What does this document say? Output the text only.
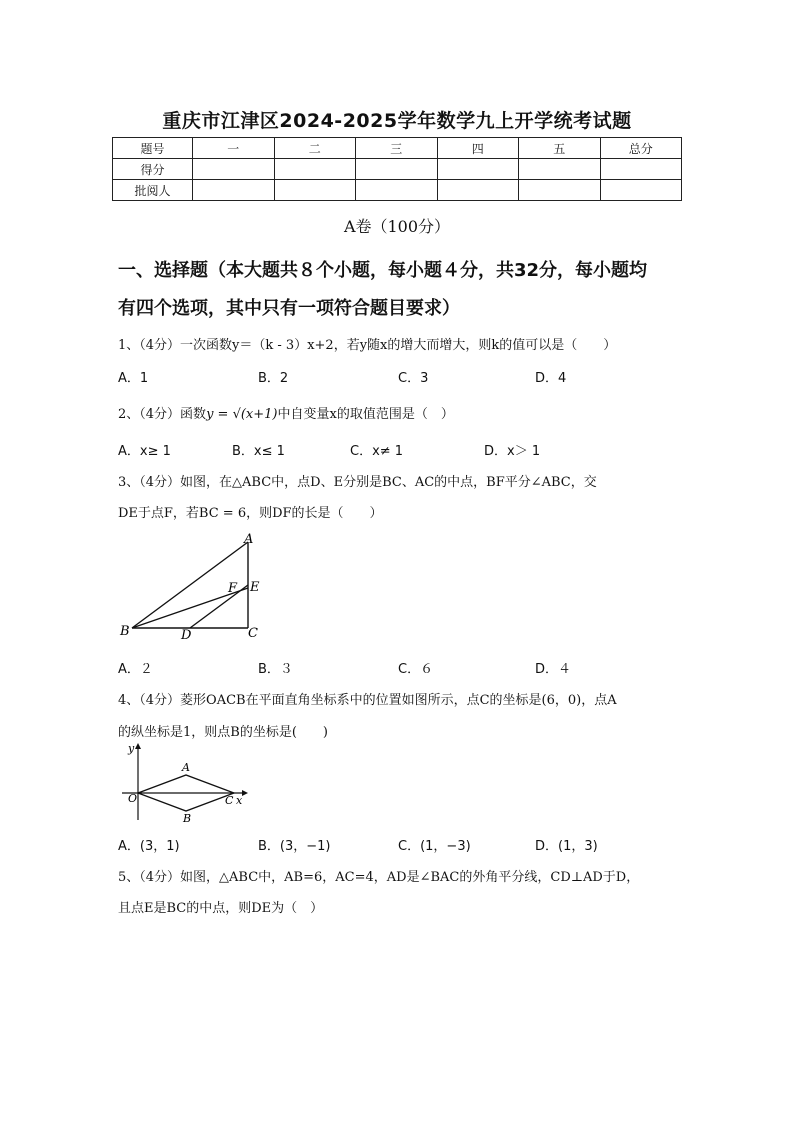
重庆市江津区2024-2025学年数学九上开学统考试题
题号	一	二	三	四	五	总分
得分						
批阅人						
A卷（100分）
一、选择题（本大题共８个小题，每小题４分，共32分，每小题均
有四个选项，其中只有一项符合题目要求）
1、（4分）一次函数y＝（k - 3）x+2，若y随x的增大而增大，则k的值可以是（　　）
A．1	B．2	C．3	D．4
2、（4分）函数y = √(x+1)中自变量x的取值范围是（　）
A．x≥ 1	B．x≤ 1	C．x≠ 1	D．x＞ 1
3、（4分）如图，在△ABC中，点D、E分别是BC、AC的中点，BF平分∠ABC，交
DE于点F，若BC = 6，则DF的长是（　　）
A
F E
B	D	C
A．２	B．３	C．６	D．４
4、（4分）菱形OACB在平面直角坐标系中的位置如图所示，点C的坐标是(6，0)，点A
的纵坐标是1，则点B的坐标是(　　)
y
A
O	C x
B
A．(3，1)	B．(3，−1)	C．(1，−3)	D．(1，3)
5、（4分）如图，△ABC中，AB=6，AC=4，AD是∠BAC的外角平分线，CD⊥AD于D，
且点E是BC的中点，则DE为（　）
